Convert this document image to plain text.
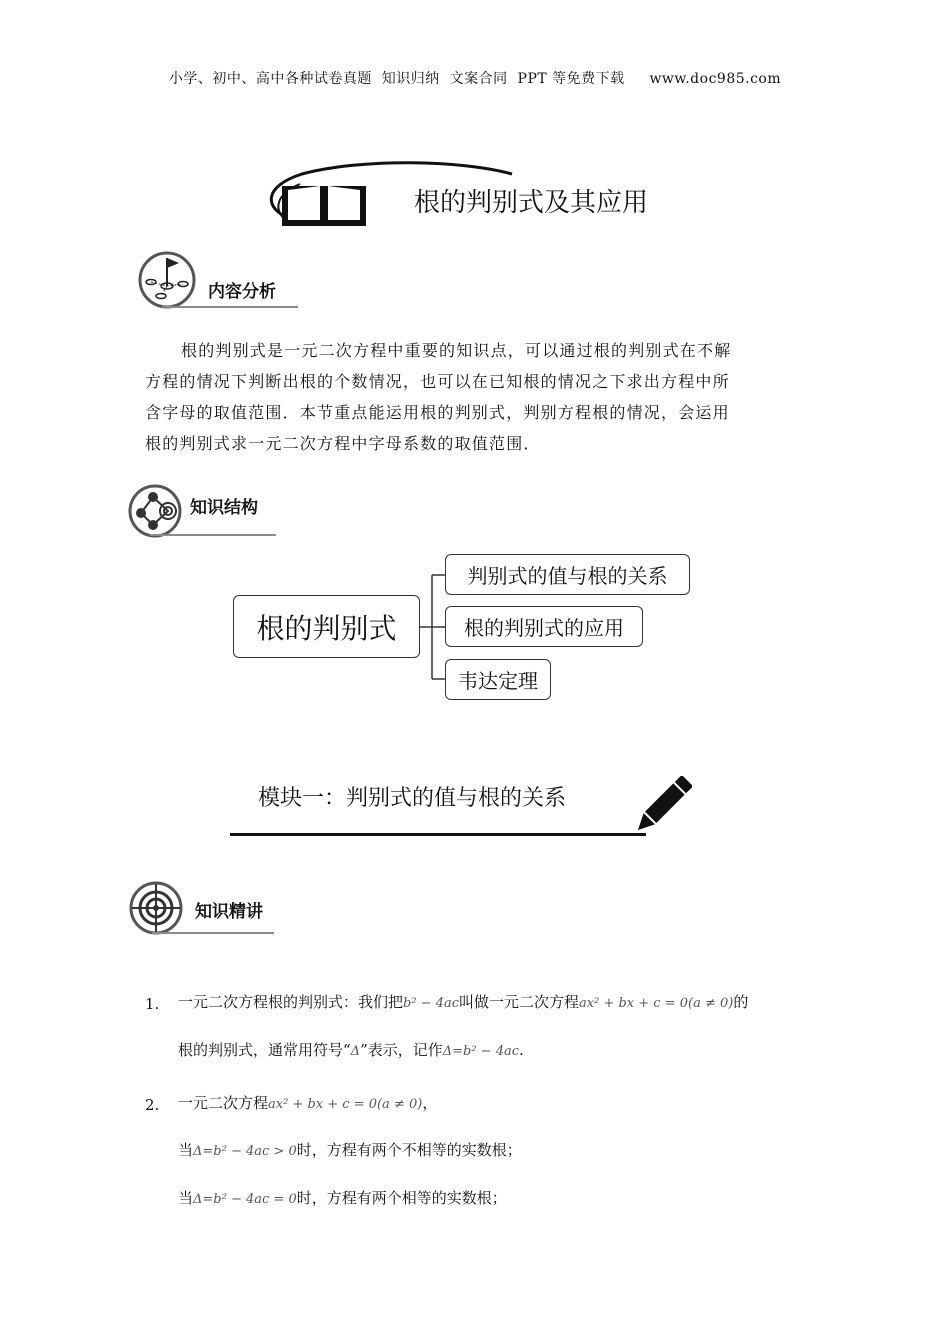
小学、初中、高中各种试卷真题  知识归纳  文案合同  PPT 等免费下载     www.doc985.com
根的判别式及其应用
内容分析
根的判别式是一元二次方程中重要的知识点，可以通过根的判别式在不解
方程的情况下判断出根的个数情况，也可以在已知根的情况之下求出方程中所
含字母的取值范围．本节重点能运用根的判别式，判别方程根的情况，会运用
根的判别式求一元二次方程中字母系数的取值范围．
知识结构
根的判别式
判别式的值与根的关系
根的判别式的应用
韦达定理
模块一：判别式的值与根的关系
知识精讲
1. 一元二次方程根的判别式：我们把b² − 4ac叫做一元二次方程ax² + bx + c = 0(a ≠ 0)的
根的判别式，通常用符号“Δ”表示，记作Δ=b² − 4ac.
2. 一元二次方程ax² + bx + c = 0(a ≠ 0)，
当Δ=b² − 4ac > 0时，方程有两个不相等的实数根；
当Δ=b² − 4ac = 0时，方程有两个相等的实数根；
